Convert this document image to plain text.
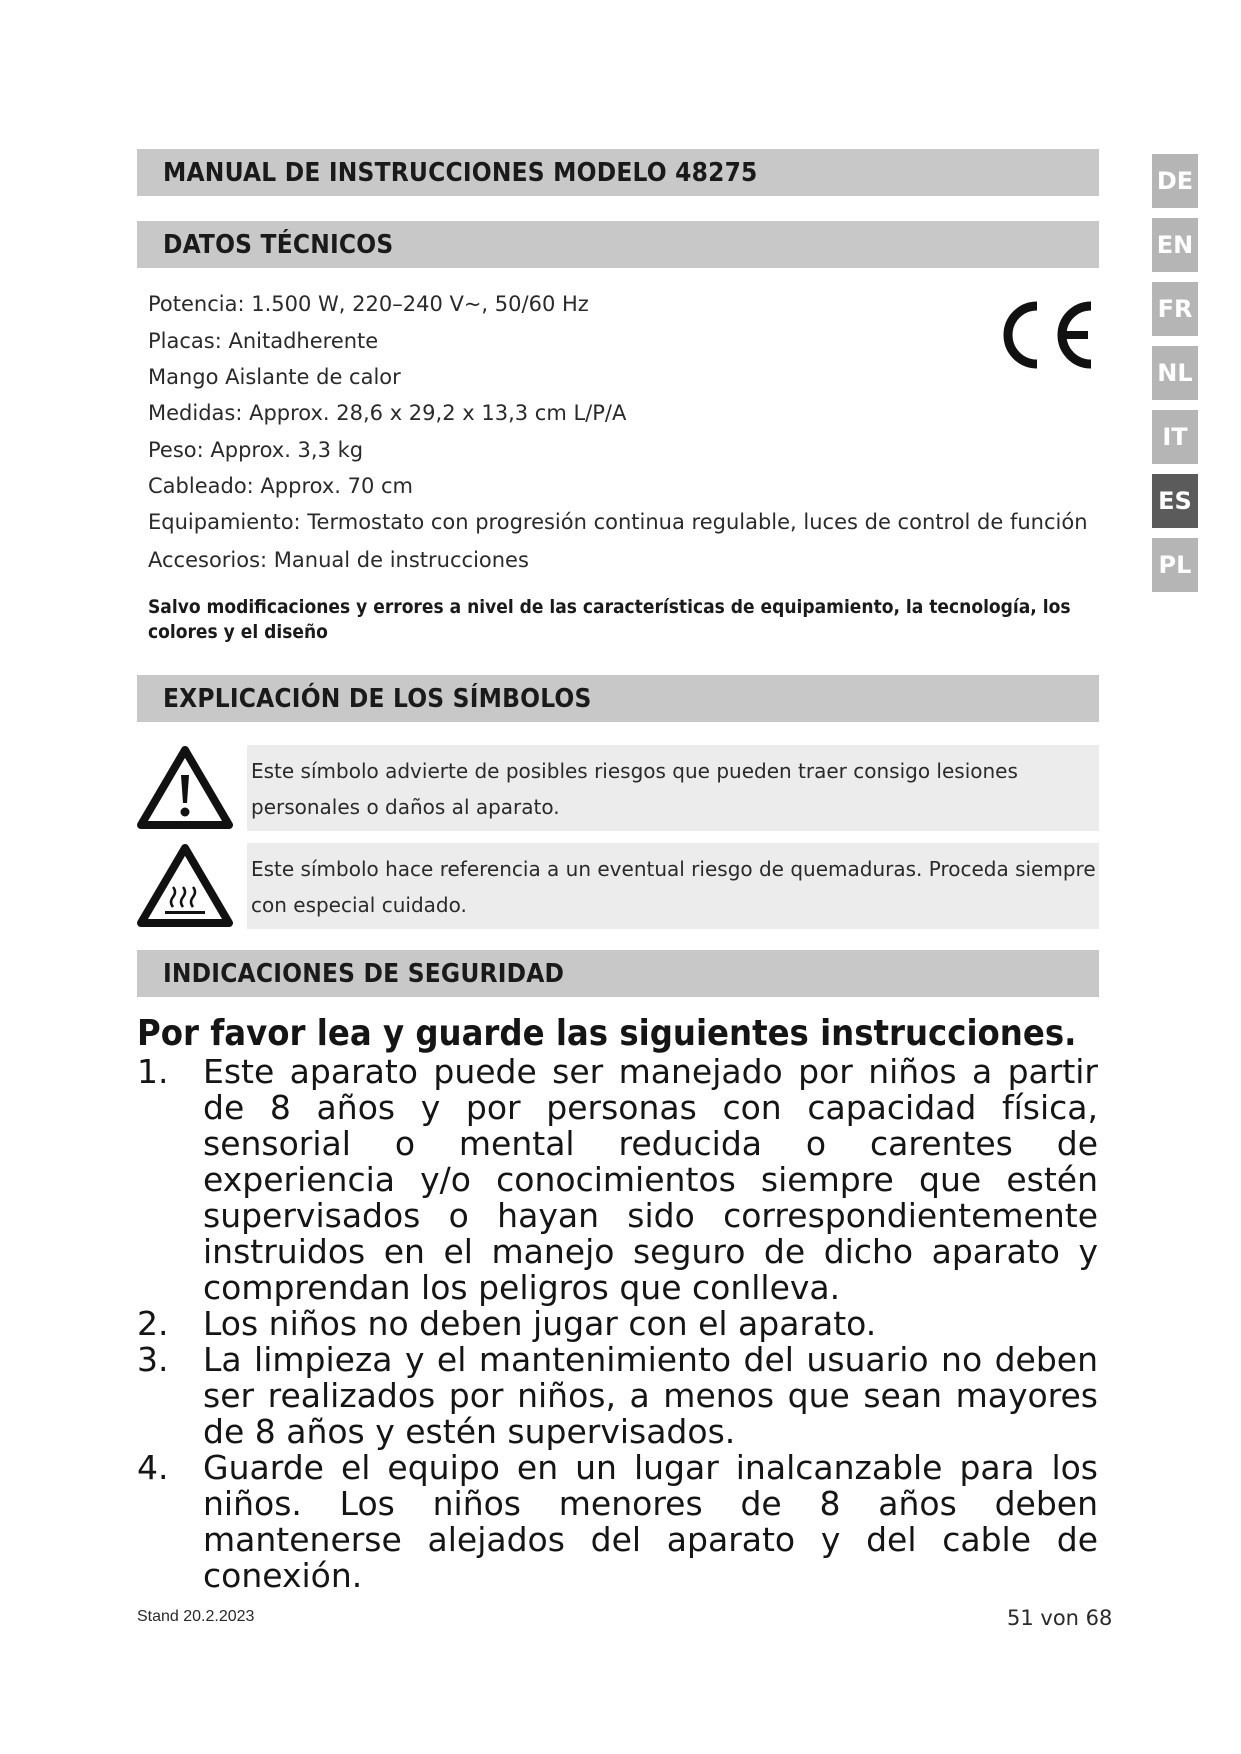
MANUAL DE INSTRUCCIONES MODELO 48275
DATOS TÉCNICOS
Potencia: 1.500 W, 220–240 V~, 50/60 Hz
Placas: Anitadherente
Mango Aislante de calor
Medidas: Approx. 28,6 x 29,2 x 13,3 cm L/P/A
Peso: Approx. 3,3 kg
Cableado: Approx. 70 cm
Equipamiento: Termostato con progresión continua regulable, luces de control de función
Accesorios: Manual de instrucciones
Salvo modificaciones y errores a nivel de las características de equipamiento, la tecnología, los colores y el diseño
DE
EN
FR
NL
IT
ES
PL
EXPLICACIÓN DE LOS SÍMBOLOS
Este símbolo advierte de posibles riesgos que pueden traer consigo lesiones personales o daños al aparato.
Este símbolo hace referencia a un eventual riesgo de quemaduras. Proceda siempre con especial cuidado.
INDICACIONES DE SEGURIDAD
Por favor lea y guarde las siguientes instrucciones.
1. Este aparato puede ser manejado por niños a partir de 8 años y por personas con capacidad física, sensorial o mental reducida o carentes de experiencia y/o conocimientos siempre que estén supervisados o hayan sido correspondientemente instruidos en el manejo seguro de dicho aparato y comprendan los peligros que conlleva.
2. Los niños no deben jugar con el aparato.
3. La limpieza y el mantenimiento del usuario no deben ser realizados por niños, a menos que sean mayores de 8 años y estén supervisados.
4. Guarde el equipo en un lugar inalcanzable para los niños. Los niños menores de 8 años deben mantenerse alejados del aparato y del cable de conexión.
Stand 20.2.2023	51 von 68
